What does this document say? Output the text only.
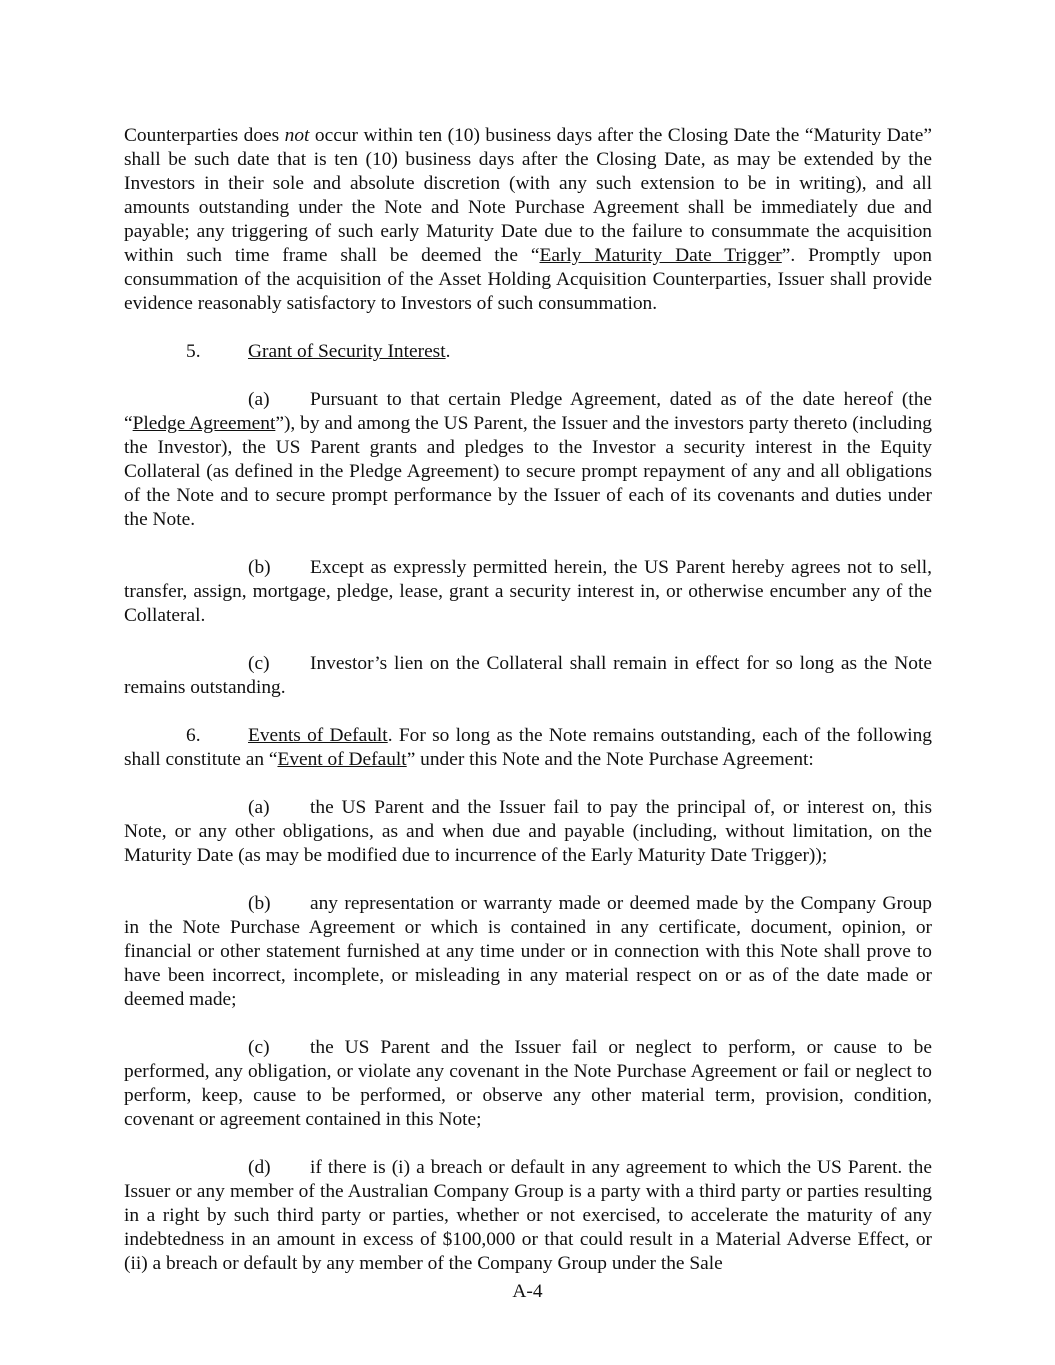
Counterparties does not occur within ten (10) business days after the Closing Date the “Maturity Date” shall be such date that is ten (10) business days after the Closing Date, as may be extended by the Investors in their sole and absolute discretion (with any such extension to be in writing), and all amounts outstanding under the Note and Note Purchase Agreement shall be immediately due and payable; any triggering of such early Maturity Date due to the failure to consummate the acquisition within such time frame shall be deemed the “Early Maturity Date Trigger”. Promptly upon consummation of the acquisition of the Asset Holding Acquisition Counterparties, Issuer shall provide evidence reasonably satisfactory to Investors of such consummation.

5. Grant of Security Interest.

(a) Pursuant to that certain Pledge Agreement, dated as of the date hereof (the “Pledge Agreement”), by and among the US Parent, the Issuer and the investors party thereto (including the Investor), the US Parent grants and pledges to the Investor a security interest in the Equity Collateral (as defined in the Pledge Agreement) to secure prompt repayment of any and all obligations of the Note and to secure prompt performance by the Issuer of each of its covenants and duties under the Note.

(b) Except as expressly permitted herein, the US Parent hereby agrees not to sell, transfer, assign, mortgage, pledge, lease, grant a security interest in, or otherwise encumber any of the Collateral.

(c) Investor’s lien on the Collateral shall remain in effect for so long as the Note remains outstanding.

6. Events of Default. For so long as the Note remains outstanding, each of the following shall constitute an “Event of Default” under this Note and the Note Purchase Agreement:

(a) the US Parent and the Issuer fail to pay the principal of, or interest on, this Note, or any other obligations, as and when due and payable (including, without limitation, on the Maturity Date (as may be modified due to incurrence of the Early Maturity Date Trigger));

(b) any representation or warranty made or deemed made by the Company Group in the Note Purchase Agreement or which is contained in any certificate, document, opinion, or financial or other statement furnished at any time under or in connection with this Note shall prove to have been incorrect, incomplete, or misleading in any material respect on or as of the date made or deemed made;

(c) the US Parent and the Issuer fail or neglect to perform, or cause to be performed, any obligation, or violate any covenant in the Note Purchase Agreement or fail or neglect to perform, keep, cause to be performed, or observe any other material term, provision, condition, covenant or agreement contained in this Note;

(d) if there is (i) a breach or default in any agreement to which the US Parent. the Issuer or any member of the Australian Company Group is a party with a third party or parties resulting in a right by such third party or parties, whether or not exercised, to accelerate the maturity of any indebtedness in an amount in excess of $100,000 or that could result in a Material Adverse Effect, or (ii) a breach or default by any member of the Company Group under the Sale

A-4
